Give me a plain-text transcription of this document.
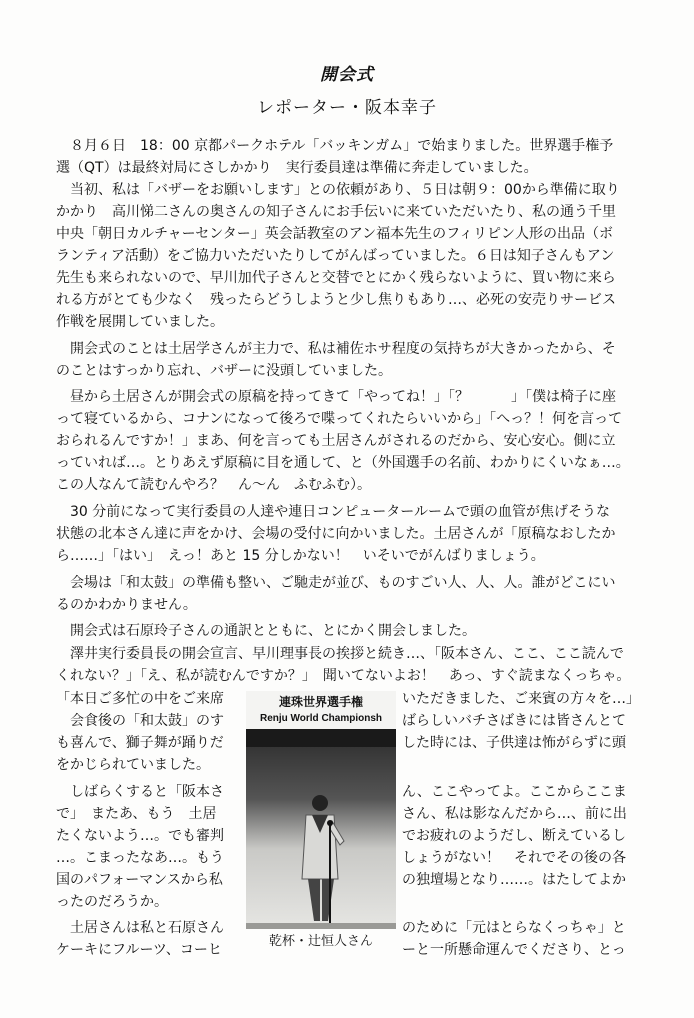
開会式

レポーター・阪本幸子

　８月６日　18：00 京都パークホテル「バッキンガム」で始まりました。世界選手権予

選（QT）は最終対局にさしかかり　実行委員達は準備に奔走していました。

　当初、私は「バザーをお願いします」との依頼があり、５日は朝９：00から準備に取り

かかり　高川悌二さんの奥さんの知子さんにお手伝いに来ていただいたり、私の通う千里

中央「朝日カルチャーセンター」英会話教室のアン福本先生のフィリピン人形の出品（ボ

ランティア活動）をご協力いただいたりしてがんばっていました。６日は知子さんもアン

先生も来られないので、早川加代子さんと交替でとにかく残らないように、買い物に来ら

れる方がとても少なく　残ったらどうしようと少し焦りもあり…、必死の安売りサービス

作戦を展開していました。

　開会式のことは土居学さんが主力で、私は補佐ホサ程度の気持ちが大きかったから、そ

のことはすっかり忘れ、バザーに没頭していました。

　昼から土居さんが開会式の原稿を持ってきて「やってね！」「？　　　」「僕は椅子に座

って寝ているから、コナンになって後ろで喋ってくれたらいいから」「へっ？！何を言って

おられるんですか！」まあ、何を言っても土居さんがされるのだから、安心安心。側に立

っていれば…。とりあえず原稿に目を通して、と（外国選手の名前、わかりにくいなぁ…。

この人なんて読むんやろ？　ん～ん　ふむふむ）。

　30 分前になって実行委員の人達や連日コンピュータールームで頭の血管が焦げそうな

状態の北本さん達に声をかけ、会場の受付に向かいました。土居さんが「原稿なおしたか

ら……」「はい」　えっ！あと 15 分しかない！　いそいでがんばりましょう。

　会場は「和太鼓」の準備も整い、ご馳走が並び、ものすごい人、人、人。誰がどこにい

るのかわかりません。

　開会式は石原玲子さんの通訳とともに、とにかく開会しました。

　澤井実行委員長の開会宣言、早川理事長の挨拶と続き…、「阪本さん、ここ、ここ読んで

くれない？」「え、私が読むんですか？」　聞いてないよお！　あっ、すぐ読まなくっちゃ。

「本日ご多忙の中をご来席

　会食後の「和太鼓」のす

も喜んで、獅子舞が踊りだ

をかじられていました。

　しばらくすると「阪本さ

で」　またあ、もう　土居

たくないよう…。でも審判

…。こまったなあ…。もう

国のパフォーマンスから私

ったのだろうか。

　土居さんは私と石原さん

ケーキにフルーツ、コーヒ

いただきました、ご来賓の方々を…」

ばらしいバチさばきには皆さんとて

した時には、子供達は怖がらずに頭

ん、ここやってよ。ここからここま

さん、私は影なんだから…、前に出

でお疲れのようだし、断えているし

しょうがない！　それでその後の各

の独壇場となり……。はたしてよか

のために「元はとらなくっちゃ」と

ーと一所懸命運んでくださり、とっ

連珠世界選手権
Renju World Championsh

乾杯・辻恒人さん
